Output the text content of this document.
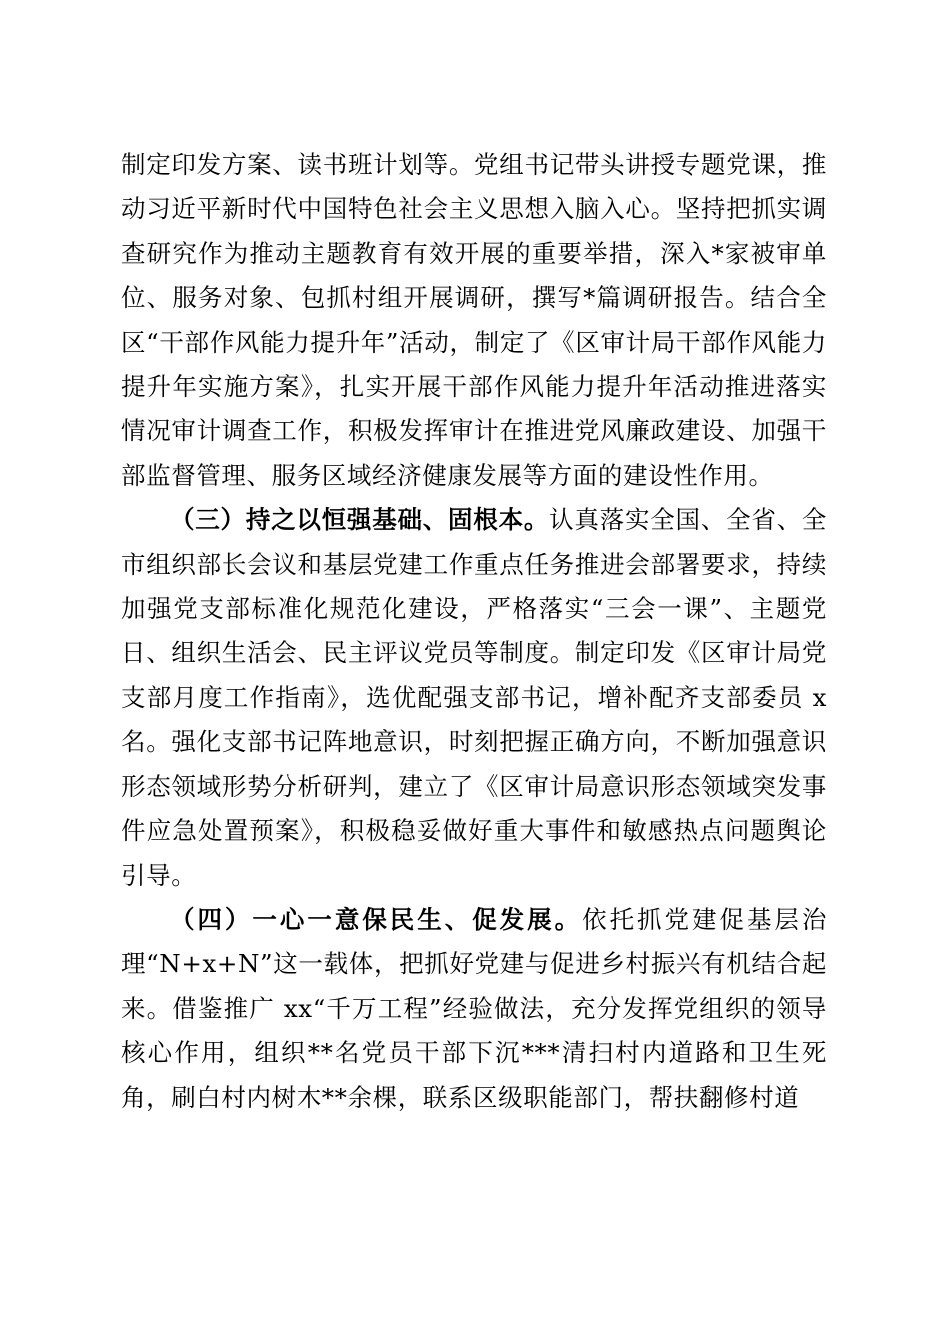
制定印发方案、读书班计划等。党组书记带头讲授专题党课，推动习近平新时代中国特色社会主义思想入脑入心。坚持把抓实调查研究作为推动主题教育有效开展的重要举措，深入*家被审单位、服务对象、包抓村组开展调研，撰写*篇调研报告。结合全区“干部作风能力提升年”活动，制定了《区审计局干部作风能力提升年实施方案》，扎实开展干部作风能力提升年活动推进落实情况审计调查工作，积极发挥审计在推进党风廉政建设、加强干部监督管理、服务区域经济健康发展等方面的建设性作用。

（三）持之以恒强基础、固根本。认真落实全国、全省、全市组织部长会议和基层党建工作重点任务推进会部署要求，持续加强党支部标准化规范化建设，严格落实“三会一课”、主题党日、组织生活会、民主评议党员等制度。制定印发《区审计局党支部月度工作指南》，选优配强支部书记，增补配齐支部委员 x 名。强化支部书记阵地意识，时刻把握正确方向，不断加强意识形态领域形势分析研判，建立了《区审计局意识形态领域突发事件应急处置预案》，积极稳妥做好重大事件和敏感热点问题舆论引导。

（四）一心一意保民生、促发展。依托抓党建促基层治理“N+x+N”这一载体，把抓好党建与促进乡村振兴有机结合起来。借鉴推广 xx“千万工程”经验做法，充分发挥党组织的领导核心作用，组织**名党员干部下沉***清扫村内道路和卫生死角，刷白村内树木**余棵，联系区级职能部门，帮扶翻修村道
